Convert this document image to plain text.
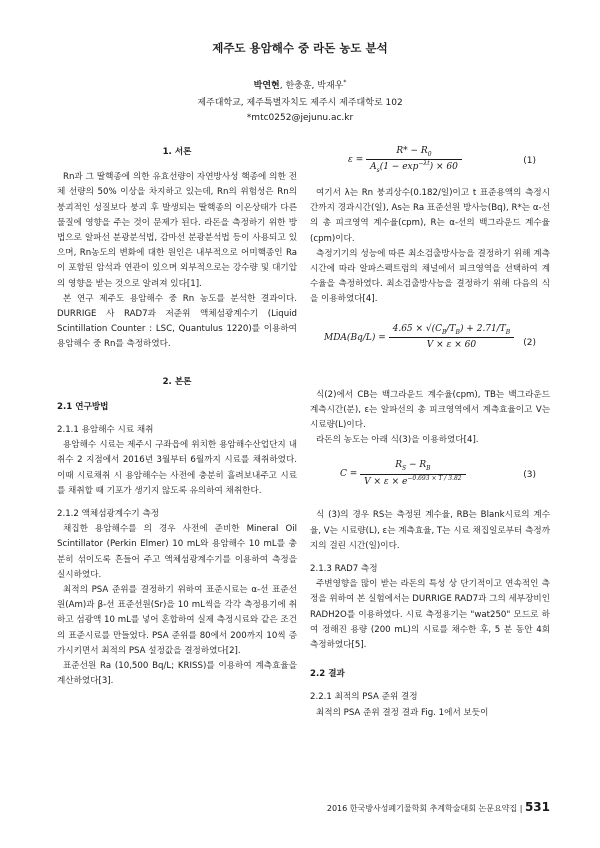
제주도 용암해수 중 라돈 농도 분석
박연현, 한충훈, 박재우*
제주대학교, 제주특별자치도 제주시 제주대학로 102
*mtc0252@jejunu.ac.kr
1. 서론

Rn과 그 딸핵종에 의한 유효선량이 자연방사성 핵종에 의한 전체 선량의 50% 이상을 차지하고 있는데, Rn의 위험성은 Rn의 붕괴적인 성질보다 붕괴 후 발생되는 딸핵종의 이온상태가 다른 물질에 영향을 주는 것이 문제가 된다. 라돈을 측정하기 위한 방법으로 알파선 분광분석법, 감마선 분광분석법 등이 사용되고 있으며, Rn농도의 변화에 대한 원인은 내부적으로 어미핵종인 Ra이 포함된 암석과 연관이 있으며 외부적으로는 강수량 및 대기압의 영향을 받는 것으로 알려져 있다[1].

본 연구 제주도 용암해수 중 Rn 농도를 분석한 결과이다. DURRIGE 사 RAD7과 저준위 액체섬광계수기 (Liquid Scintillation Counter : LSC, Quantulus 1220)를 이용하여 용암해수 중 Rn를 측정하였다.

2. 본론
2.1 연구방법
2.1.1 용암해수 시료 채취

용암해수 시료는 제주시 구좌읍에 위치한 용암해수산업단지 내 취수 2 지점에서 2016년 3월부터 6월까지 시료를 채취하였다. 이때 시료채취 시 용암해수는 사전에 충분히 흘려보내주고 시료를 채취할 때 기포가 생기지 않도록 유의하여 채취한다.

2.1.2 액체섬광계수기 측정

채집한 용암해수를 의 경우 사전에 준비한 Mineral Oil Scintillator (Perkin Elmer) 10 mL와 용암해수 10 mL를 충분히 섞이도록 흔들어 주고 액체섬광계수기를 이용하여 측정을 실시하였다.

최적의 PSA 준위를 결정하기 위하여 표준시료는 α-선 표준선원(Am)과 β-선 표준선원(Sr)을 10 mL씩을 각각 측정용기에 취하고 섬광액 10 mL를 넣어 혼합하여 실제 측정시료와 같은 조건의 표준시료를 만들었다. PSA 준위를 80에서 200까지 10씩 증가시키면서 최적의 PSA 설정값을 결정하였다[2].

표준선원 Ra (10,500 Bq/L; KRISS)를 이용하여 계측효율을 계산하였다[3].

$\varepsilon = \frac{R* - R_0}{A_s(1 - \exp^{-\lambda t}) \times 60}$	(1)

여기서 λ는 Rn 붕괴상수(0.182/일)이고 t 표준용액의 측정시간까지 경과시간(일), As는 Ra 표준선원 방사능(Bq), R*는 α-선의 총 피크영역 계수율(cpm), R는 α-선의 백그라운드 계수율(cpm)이다.

측정기기의 성능에 따른 최소검출방사능을 결정하기 위해 계측시간에 따라 알파스펙트럼의 채널에서 피크영역을 선택하여 계수율을 측정하였다. 최소검출방사능을 결정하기 위해 다음의 식을 이용하였다[4].

$MDA(Bq/L) = \frac{4.65 \times √(C_B/T_B) + 2.71/T_B}{V \times \varepsilon \times 60} (2)$

식(2)에서 CB는 백그라운드 계수율(cpm), TB는 백그라운드 계측시간(분), ε는 알파선의 총 피크영역에서 계측효율이고 V는 시료량(L)이다.

라돈의 농도는 아래 식(3)을 이용하였다[4].

$C = \frac{R_S - R_B}{V \times \varepsilon \times e^{-0.693 \times T / 3.82}}$	(3)

식 (3)의 경우 RS는 측정된 계수율, RB는 Blank시료의 계수율, V는 시료량(L), ε는 계측효율, T는 시료 채집일로부터 측정까지의 걸린 시간(일)이다.

2.1.3 RAD7 측정

주변영향을 많이 받는 라돈의 특성 상 단기적이고 연속적인 측정을 위하여 본 실험에서는 DURRIGE RAD7과 그의 세부장비인 RADH2O를 이용하였다. 시료 측정용기는 "wat250" 모드로 하여 정해진 용량 (200 mL)의 시료를 채수한 후, 5 분 동안 4회 측정하였다[5].

2.2 결과
2.2.1 최적의 PSA 준위 결정

최적의 PSA 준위 결정 결과 Fig. 1에서 보듯이

2016 한국방사성폐기물학회 추계학술대회 논문요약집 | 531
